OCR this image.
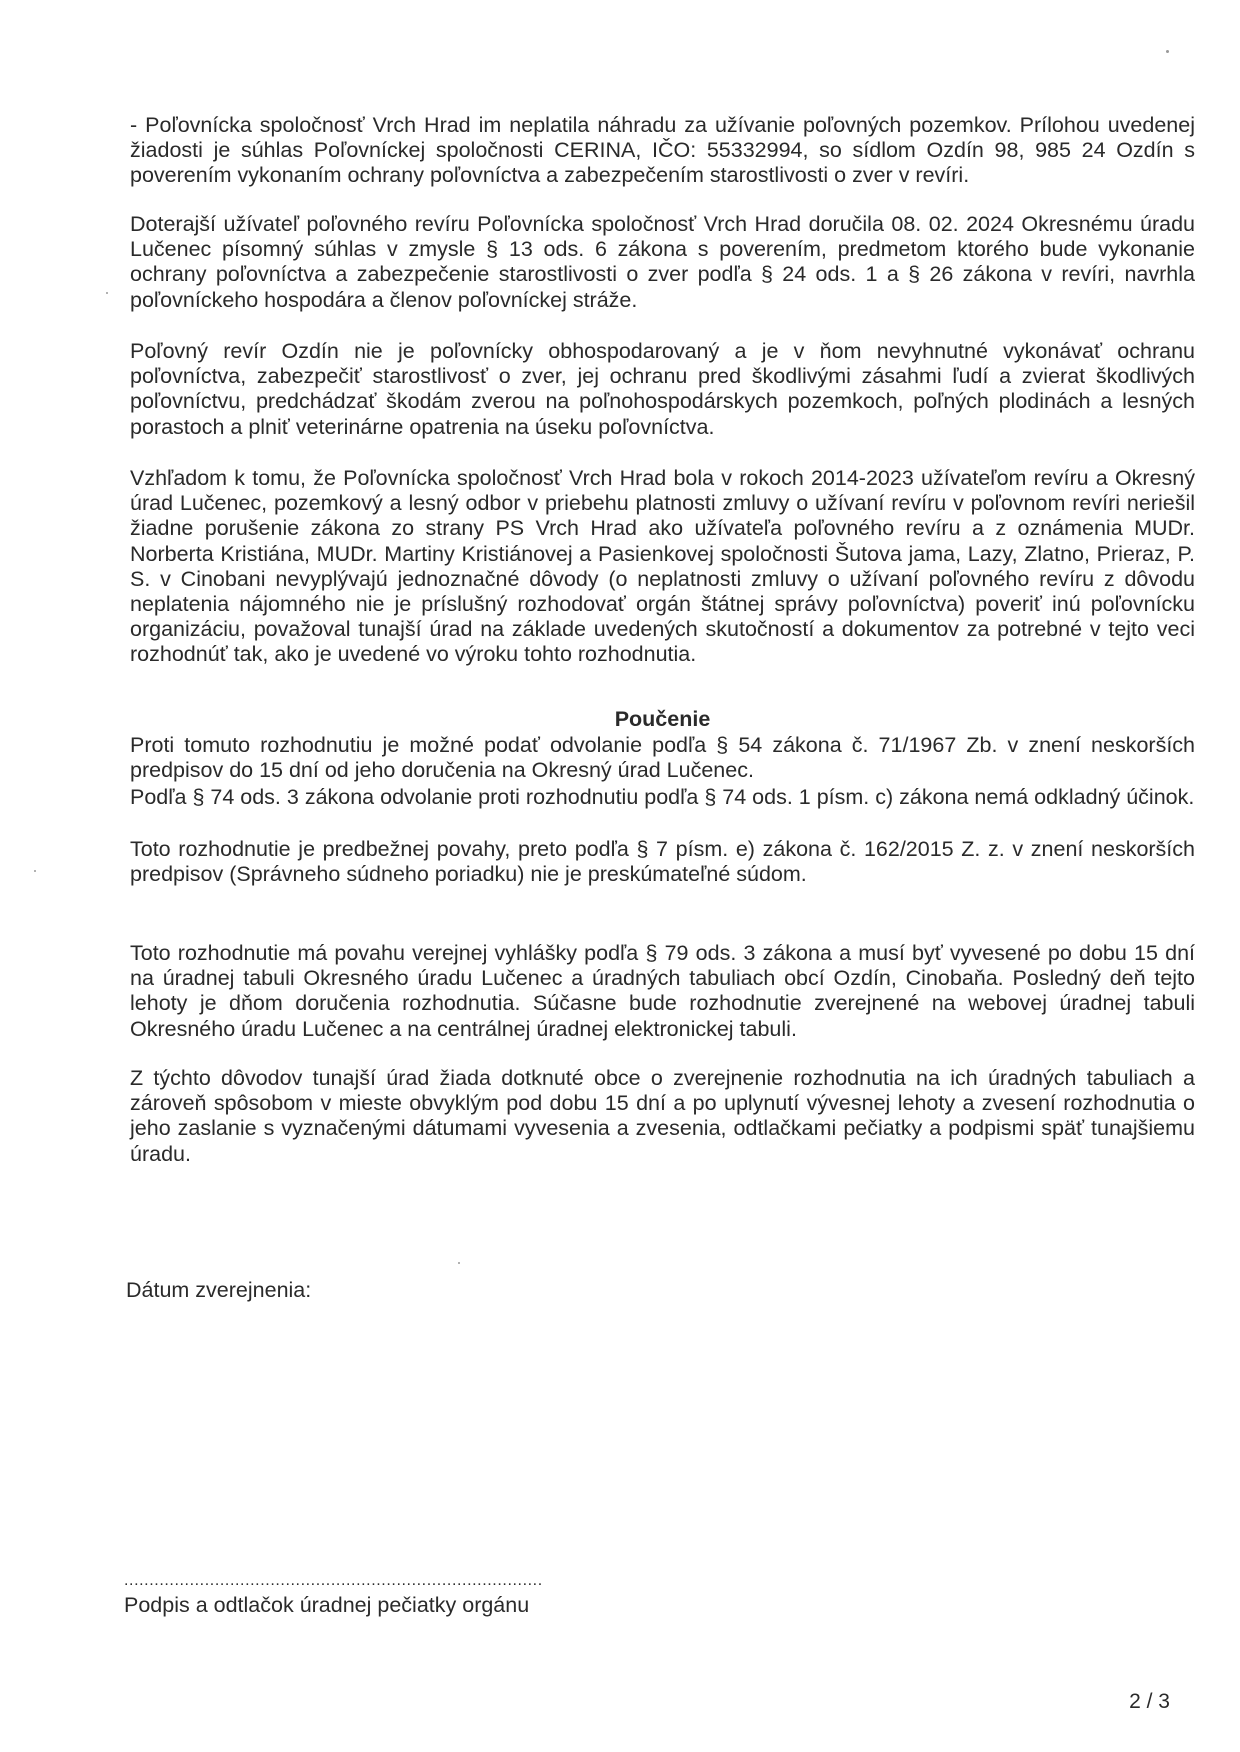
- Poľovnícka spoločnosť Vrch Hrad im neplatila náhradu za užívanie poľovných pozemkov. Prílohou uvedenej žiadosti je súhlas Poľovníckej spoločnosti CERINA, IČO: 55332994, so sídlom Ozdín 98, 985 24 Ozdín s poverením vykonaním ochrany poľovníctva a zabezpečením starostlivosti o zver v revíri.

Doterajší užívateľ poľovného revíru Poľovnícka spoločnosť Vrch Hrad doručila 08. 02. 2024 Okresnému úradu Lučenec písomný súhlas v zmysle § 13 ods. 6 zákona s poverením, predmetom ktorého bude vykonanie ochrany poľovníctva a zabezpečenie starostlivosti o zver podľa § 24 ods. 1 a § 26 zákona v revíri, navrhla poľovníckeho hospodára a členov poľovníckej stráže.

Poľovný revír Ozdín nie je poľovnícky obhospodarovaný a je v ňom nevyhnutné vykonávať ochranu poľovníctva, zabezpečiť starostlivosť o zver, jej ochranu pred škodlivými zásahmi ľudí a zvierat škodlivých poľovníctvu, predchádzať škodám zverou na poľnohospodárskych pozemkoch, poľných plodinách a lesných porastoch a plniť veterinárne opatrenia na úseku poľovníctva.

Vzhľadom k tomu, že Poľovnícka spoločnosť Vrch Hrad bola v rokoch 2014-2023 užívateľom revíru a Okresný úrad Lučenec, pozemkový a lesný odbor v priebehu platnosti zmluvy o užívaní revíru v poľovnom revíri neriešil žiadne porušenie zákona zo strany PS Vrch Hrad ako užívateľa poľovného revíru a z oznámenia MUDr. Norberta Kristiána, MUDr. Martiny Kristiánovej a Pasienkovej spoločnosti Šutova jama, Lazy, Zlatno, Prieraz, P. S. v Cinobani nevyplývajú jednoznačné dôvody (o neplatnosti zmluvy o užívaní poľovného revíru z dôvodu neplatenia nájomného nie je príslušný rozhodovať orgán štátnej správy poľovníctva) poveriť inú poľovnícku organizáciu, považoval tunajší úrad na základe uvedených skutočností a dokumentov za potrebné v tejto veci rozhodnúť tak, ako je uvedené vo výroku tohto rozhodnutia.

Poučenie

Proti tomuto rozhodnutiu je možné podať odvolanie podľa § 54 zákona č. 71/1967 Zb. v znení neskorších predpisov do 15 dní od jeho doručenia na Okresný úrad Lučenec.

Podľa § 74 ods. 3 zákona odvolanie proti rozhodnutiu podľa § 74 ods. 1 písm. c) zákona nemá odkladný účinok.

Toto rozhodnutie je predbežnej povahy, preto podľa § 7 písm. e) zákona č. 162/2015 Z. z. v znení neskorších predpisov (Správneho súdneho poriadku) nie je preskúmateľné súdom.

Toto rozhodnutie má povahu verejnej vyhlášky podľa § 79 ods. 3 zákona a musí byť vyvesené po dobu 15 dní na úradnej tabuli Okresného úradu Lučenec a úradných tabuliach obcí Ozdín, Cinobaňa. Posledný deň tejto lehoty je dňom doručenia rozhodnutia. Súčasne bude rozhodnutie zverejnené na webovej úradnej tabuli Okresného úradu Lučenec a na centrálnej úradnej elektronickej tabuli.

Z týchto dôvodov tunajší úrad žiada dotknuté obce o zverejnenie rozhodnutia na ich úradných tabuliach a zároveň spôsobom v mieste obvyklým pod dobu 15 dní a po uplynutí vývesnej lehoty a zvesení rozhodnutia o jeho zaslanie s vyznačenými dátumami vyvesenia a zvesenia, odtlačkami pečiatky a podpismi späť tunajšiemu úradu.

Dátum zverejnenia:

...................................................................................

Podpis a odtlačok úradnej pečiatky orgánu

2 / 3
